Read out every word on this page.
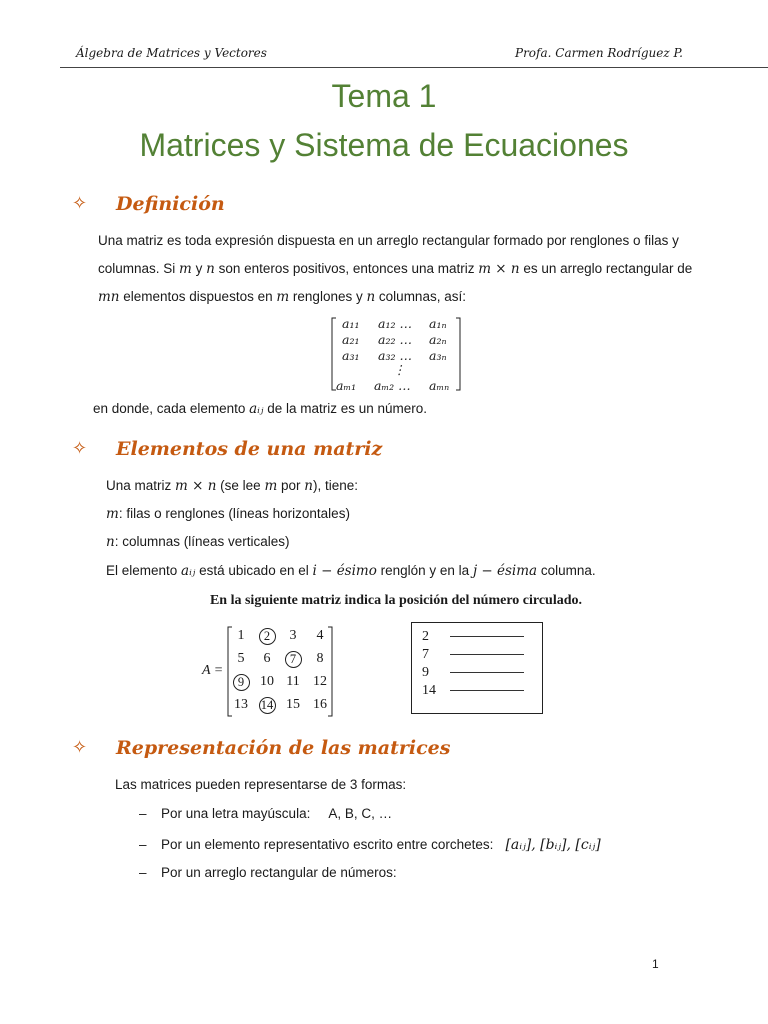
Álgebra de Matrices y Vectores	Profa. Carmen Rodríguez P.
Tema 1
Matrices y Sistema de Ecuaciones
✧ Definición
Una matriz es toda expresión dispuesta en un arreglo rectangular formado por renglones o filas y
columnas. Si m y n son enteros positivos, entonces una matriz m × n es un arreglo rectangular de
mn elementos dispuestos en m renglones y n columnas, así:
a₁₁ a₁₂ … a₁ₙ
a₂₁ a₂₂ … a₂ₙ
a₃₁ a₃₂ … a₃ₙ
⋮
aₘ₁ aₘ₂ … aₘₙ
en donde, cada elemento aᵢⱼ de la matriz es un número.
✧ Elementos de una matriz
Una matriz m × n (se lee m por n), tiene:
m: filas o renglones (líneas horizontales)
n: columnas (líneas verticales)
El elemento aᵢⱼ está ubicado en el i − ésimo renglón y en la j − ésima columna.
En la siguiente matriz indica la posición del número circulado.
A =
1	2	3	4
5	6	7	8
9	10 11 12
13	14 15 16
2
7
9
14
✧ Representación de las matrices
Las matrices pueden representarse de 3 formas:
– Por una letra mayúscula: A, B, C, …
– Por un elemento representativo escrito entre corchetes: [aᵢⱼ], [bᵢⱼ], [cᵢⱼ]
– Por un arreglo rectangular de números:
1
